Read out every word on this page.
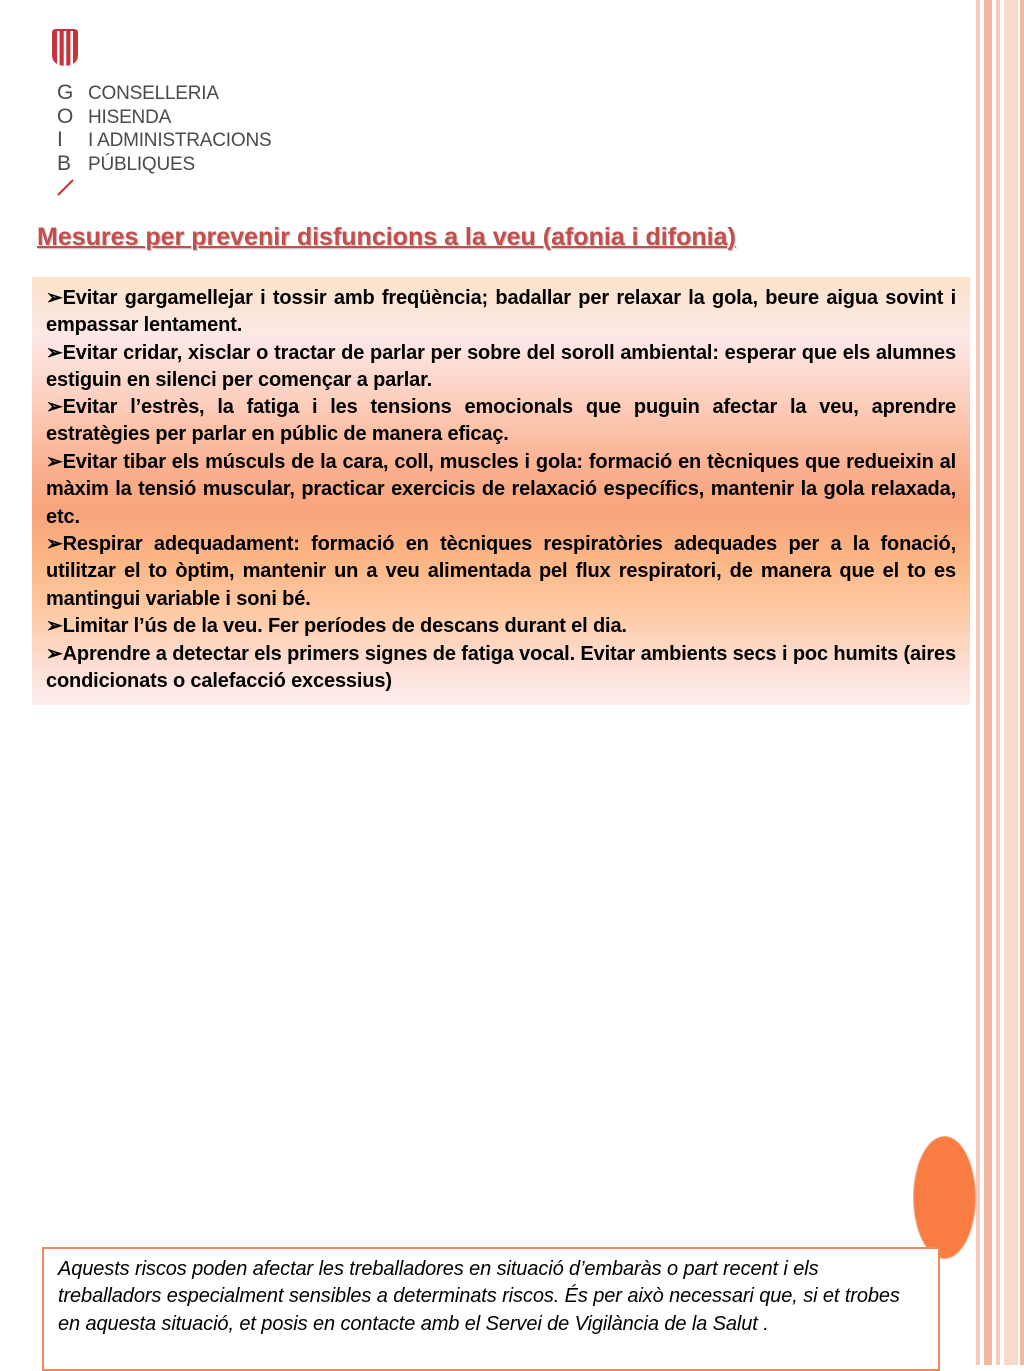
G
O
I
B
CONSELLERIA
HISENDA
I ADMINISTRACIONS
PÚBLIQUES
Mesures per prevenir disfuncions a la veu (afonia i difonia)

➢Evitar gargamellejar i tossir amb freqüència; badallar per relaxar la gola, beure aigua sovint i empassar lentament.

➢Evitar cridar, xisclar o tractar de parlar per sobre del soroll ambiental: esperar que els alumnes estiguin en silenci per començar a parlar.

➢Evitar l’estrès, la fatiga i les tensions emocionals que puguin afectar la veu, aprendre estratègies per parlar en públic de manera eficaç.

➢Evitar tibar els músculs de la cara, coll, muscles i gola: formació en tècniques que redueixin al màxim la tensió muscular, practicar exercicis de relaxació específics, mantenir la gola relaxada, etc.

➢Respirar adequadament: formació en tècniques respiratòries adequades per a la fonació, utilitzar el to òptim, mantenir un a veu alimentada pel flux respiratori, de manera que el to es mantingui variable i soni bé.

➢Limitar l’ús de la veu. Fer períodes de descans durant el dia.

➢Aprendre a detectar els primers signes de fatiga vocal. Evitar ambients secs i poc humits (aires condicionats o calefacció excessius)

Aquests riscos poden afectar les treballadores en situació d’embaràs o part recent i els treballadors especialment sensibles a determinats riscos. És per això necessari que, si et trobes en aquesta situació, et posis en contacte amb el Servei de Vigilància de la Salut .
